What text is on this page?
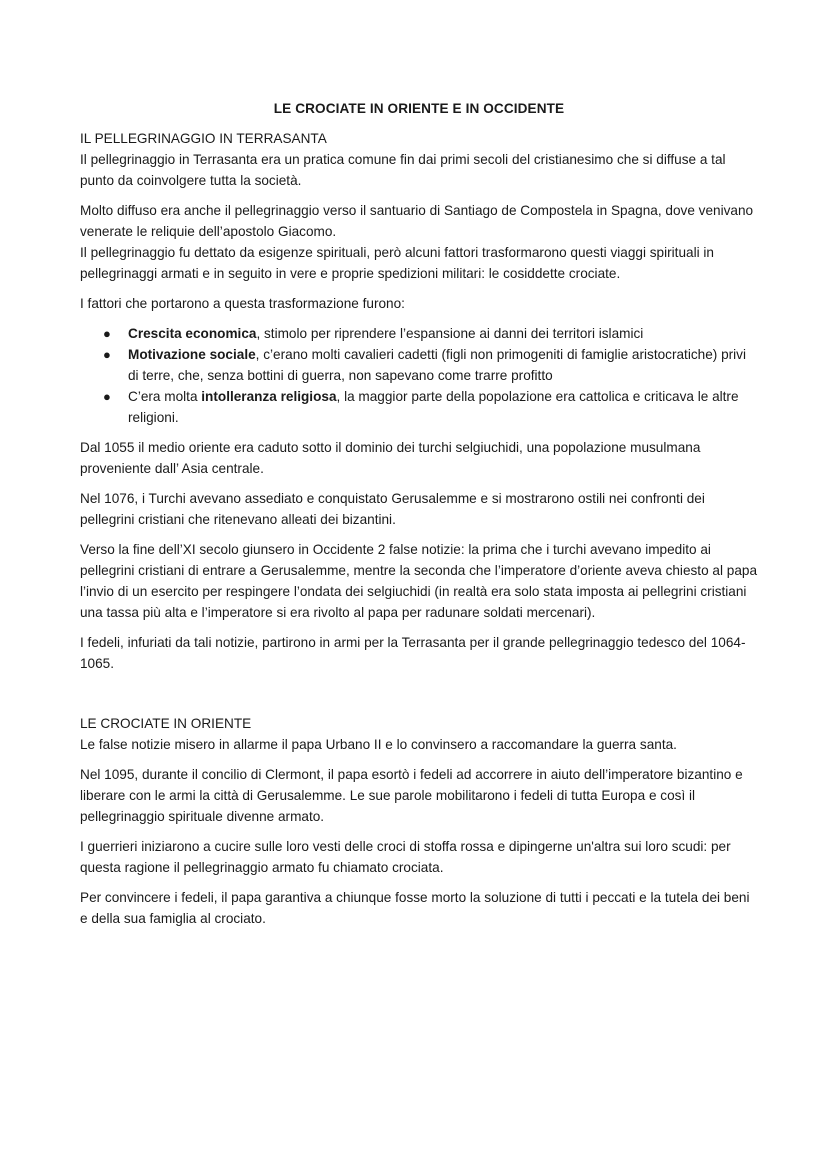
LE CROCIATE IN ORIENTE E IN OCCIDENTE
IL PELLEGRINAGGIO IN TERRASANTA

Il pellegrinaggio in Terrasanta era un pratica comune fin dai primi secoli del cristianesimo che si diffuse a tal punto da coinvolgere tutta la società.

Molto diffuso era anche il pellegrinaggio verso il santuario di Santiago de Compostela in Spagna, dove venivano venerate le reliquie dell’apostolo Giacomo.

Il pellegrinaggio fu dettato da esigenze spirituali, però alcuni fattori trasformarono questi viaggi spirituali in pellegrinaggi armati e in seguito in vere e proprie spedizioni militari: le cosiddette crociate.

I fattori che portarono a questa trasformazione furono:

● Crescita economica, stimolo per riprendere l’espansione ai danni dei territori islamici
● Motivazione sociale, c’erano molti cavalieri cadetti (figli non primogeniti di famiglie aristocratiche) privi di terre, che, senza bottini di guerra, non sapevano come trarre profitto
● C’era molta intolleranza religiosa, la maggior parte della popolazione era cattolica e criticava le altre religioni.

Dal 1055 il medio oriente era caduto sotto il dominio dei turchi selgiuchidi, una popolazione musulmana proveniente dall’ Asia centrale.

Nel 1076, i Turchi avevano assediato e conquistato Gerusalemme e si mostrarono ostili nei confronti dei pellegrini cristiani che ritenevano alleati dei bizantini.

Verso la fine dell’XI secolo giunsero in Occidente 2 false notizie: la prima che i turchi avevano impedito ai pellegrini cristiani di entrare a Gerusalemme, mentre la seconda che l’imperatore d’oriente aveva chiesto al papa l’invio di un esercito per respingere l’ondata dei selgiuchidi (in realtà era solo stata imposta ai pellegrini cristiani una tassa più alta e l’imperatore si era rivolto al papa per radunare soldati mercenari).

I fedeli, infuriati da tali notizie, partirono in armi per la Terrasanta per il grande pellegrinaggio tedesco del 1064-1065.

LE CROCIATE IN ORIENTE

Le false notizie misero in allarme il papa Urbano II e lo convinsero a raccomandare la guerra santa.

Nel 1095, durante il concilio di Clermont, il papa esortò i fedeli ad accorrere in aiuto dell’imperatore bizantino e liberare con le armi la città di Gerusalemme. Le sue parole mobilitarono i fedeli di tutta Europa e così il pellegrinaggio spirituale divenne armato.

I guerrieri iniziarono a cucire sulle loro vesti delle croci di stoffa rossa e dipingerne un'altra sui loro scudi: per questa ragione il pellegrinaggio armato fu chiamato crociata.

Per convincere i fedeli, il papa garantiva a chiunque fosse morto la soluzione di tutti i peccati e la tutela dei beni e della sua famiglia al crociato.
